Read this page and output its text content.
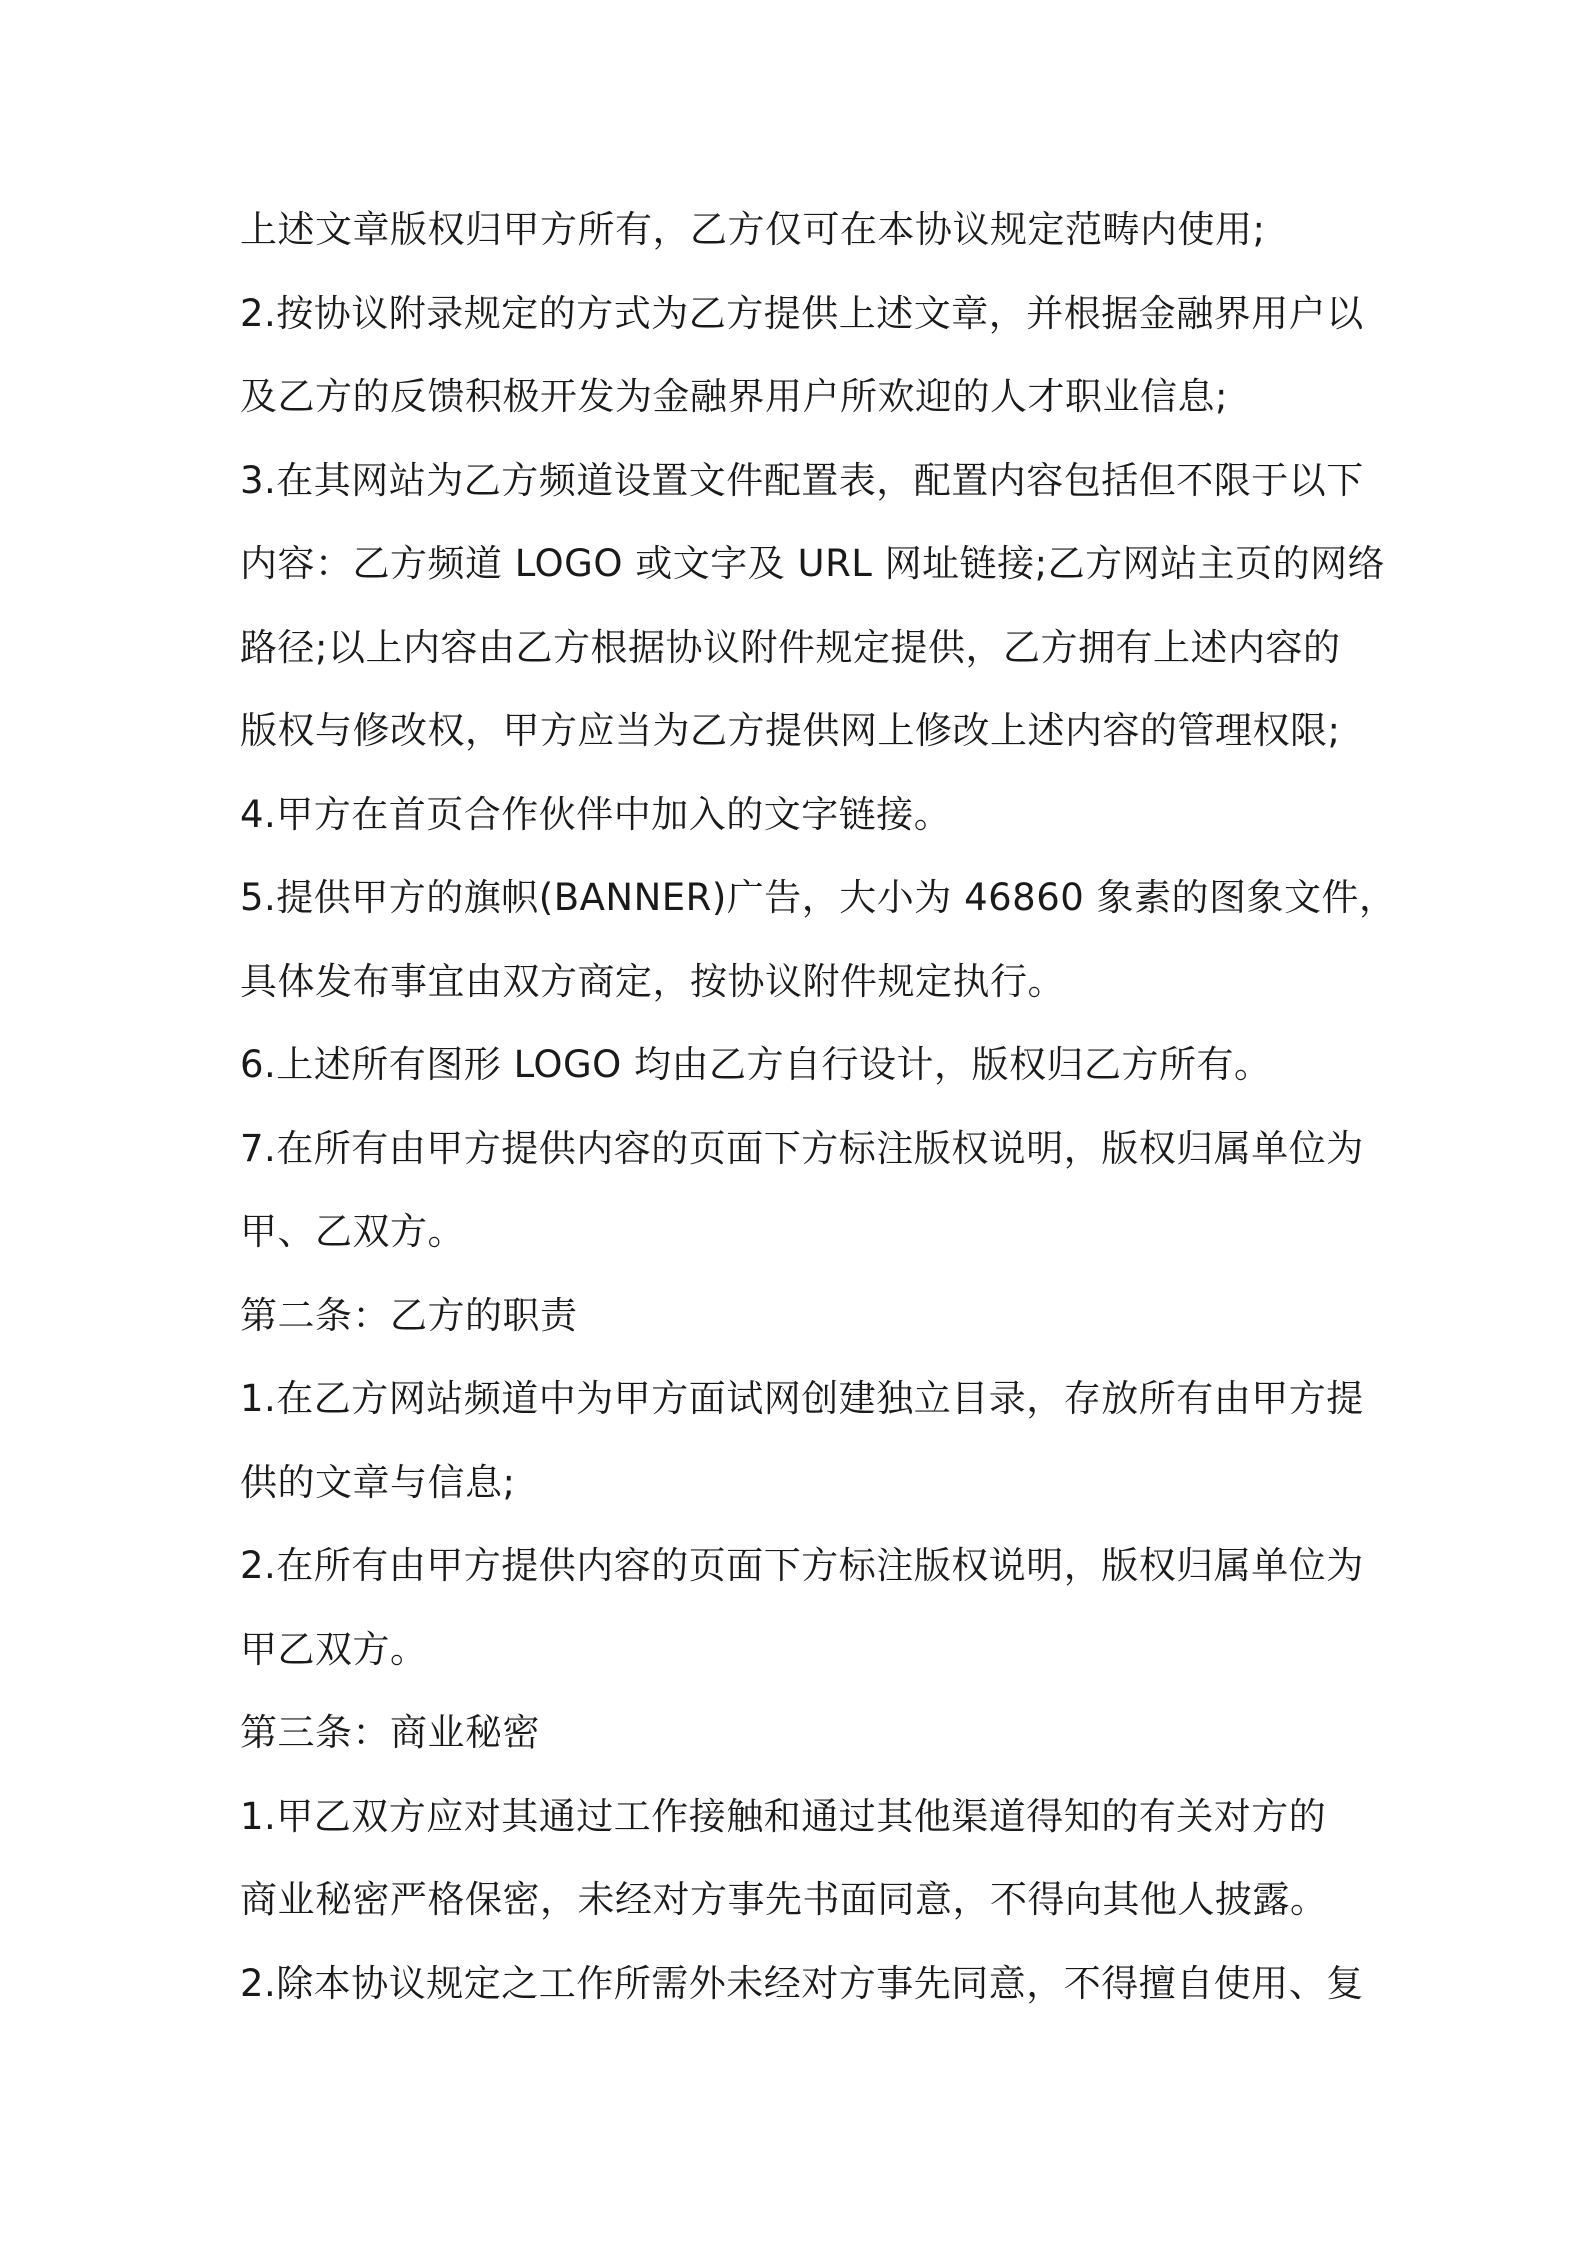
上述文章版权归甲方所有，乙方仅可在本协议规定范畴内使用;
2.按协议附录规定的方式为乙方提供上述文章，并根据金融界用户以
及乙方的反馈积极开发为金融界用户所欢迎的人才职业信息;
3.在其网站为乙方频道设置文件配置表，配置内容包括但不限于以下
内容：乙方频道 LOGO 或文字及 URL 网址链接;乙方网站主页的网络
路径;以上内容由乙方根据协议附件规定提供，乙方拥有上述内容的
版权与修改权，甲方应当为乙方提供网上修改上述内容的管理权限;
4.甲方在首页合作伙伴中加入的文字链接。
5.提供甲方的旗帜(BANNER)广告，大小为 46860 象素的图象文件，
具体发布事宜由双方商定，按协议附件规定执行。
6.上述所有图形 LOGO 均由乙方自行设计，版权归乙方所有。
7.在所有由甲方提供内容的页面下方标注版权说明，版权归属单位为
甲、乙双方。
第二条：乙方的职责
1.在乙方网站频道中为甲方面试网创建独立目录，存放所有由甲方提
供的文章与信息;
2.在所有由甲方提供内容的页面下方标注版权说明，版权归属单位为
甲乙双方。
第三条：商业秘密
1.甲乙双方应对其通过工作接触和通过其他渠道得知的有关对方的
商业秘密严格保密，未经对方事先书面同意，不得向其他人披露。
2.除本协议规定之工作所需外未经对方事先同意，不得擅自使用、复
